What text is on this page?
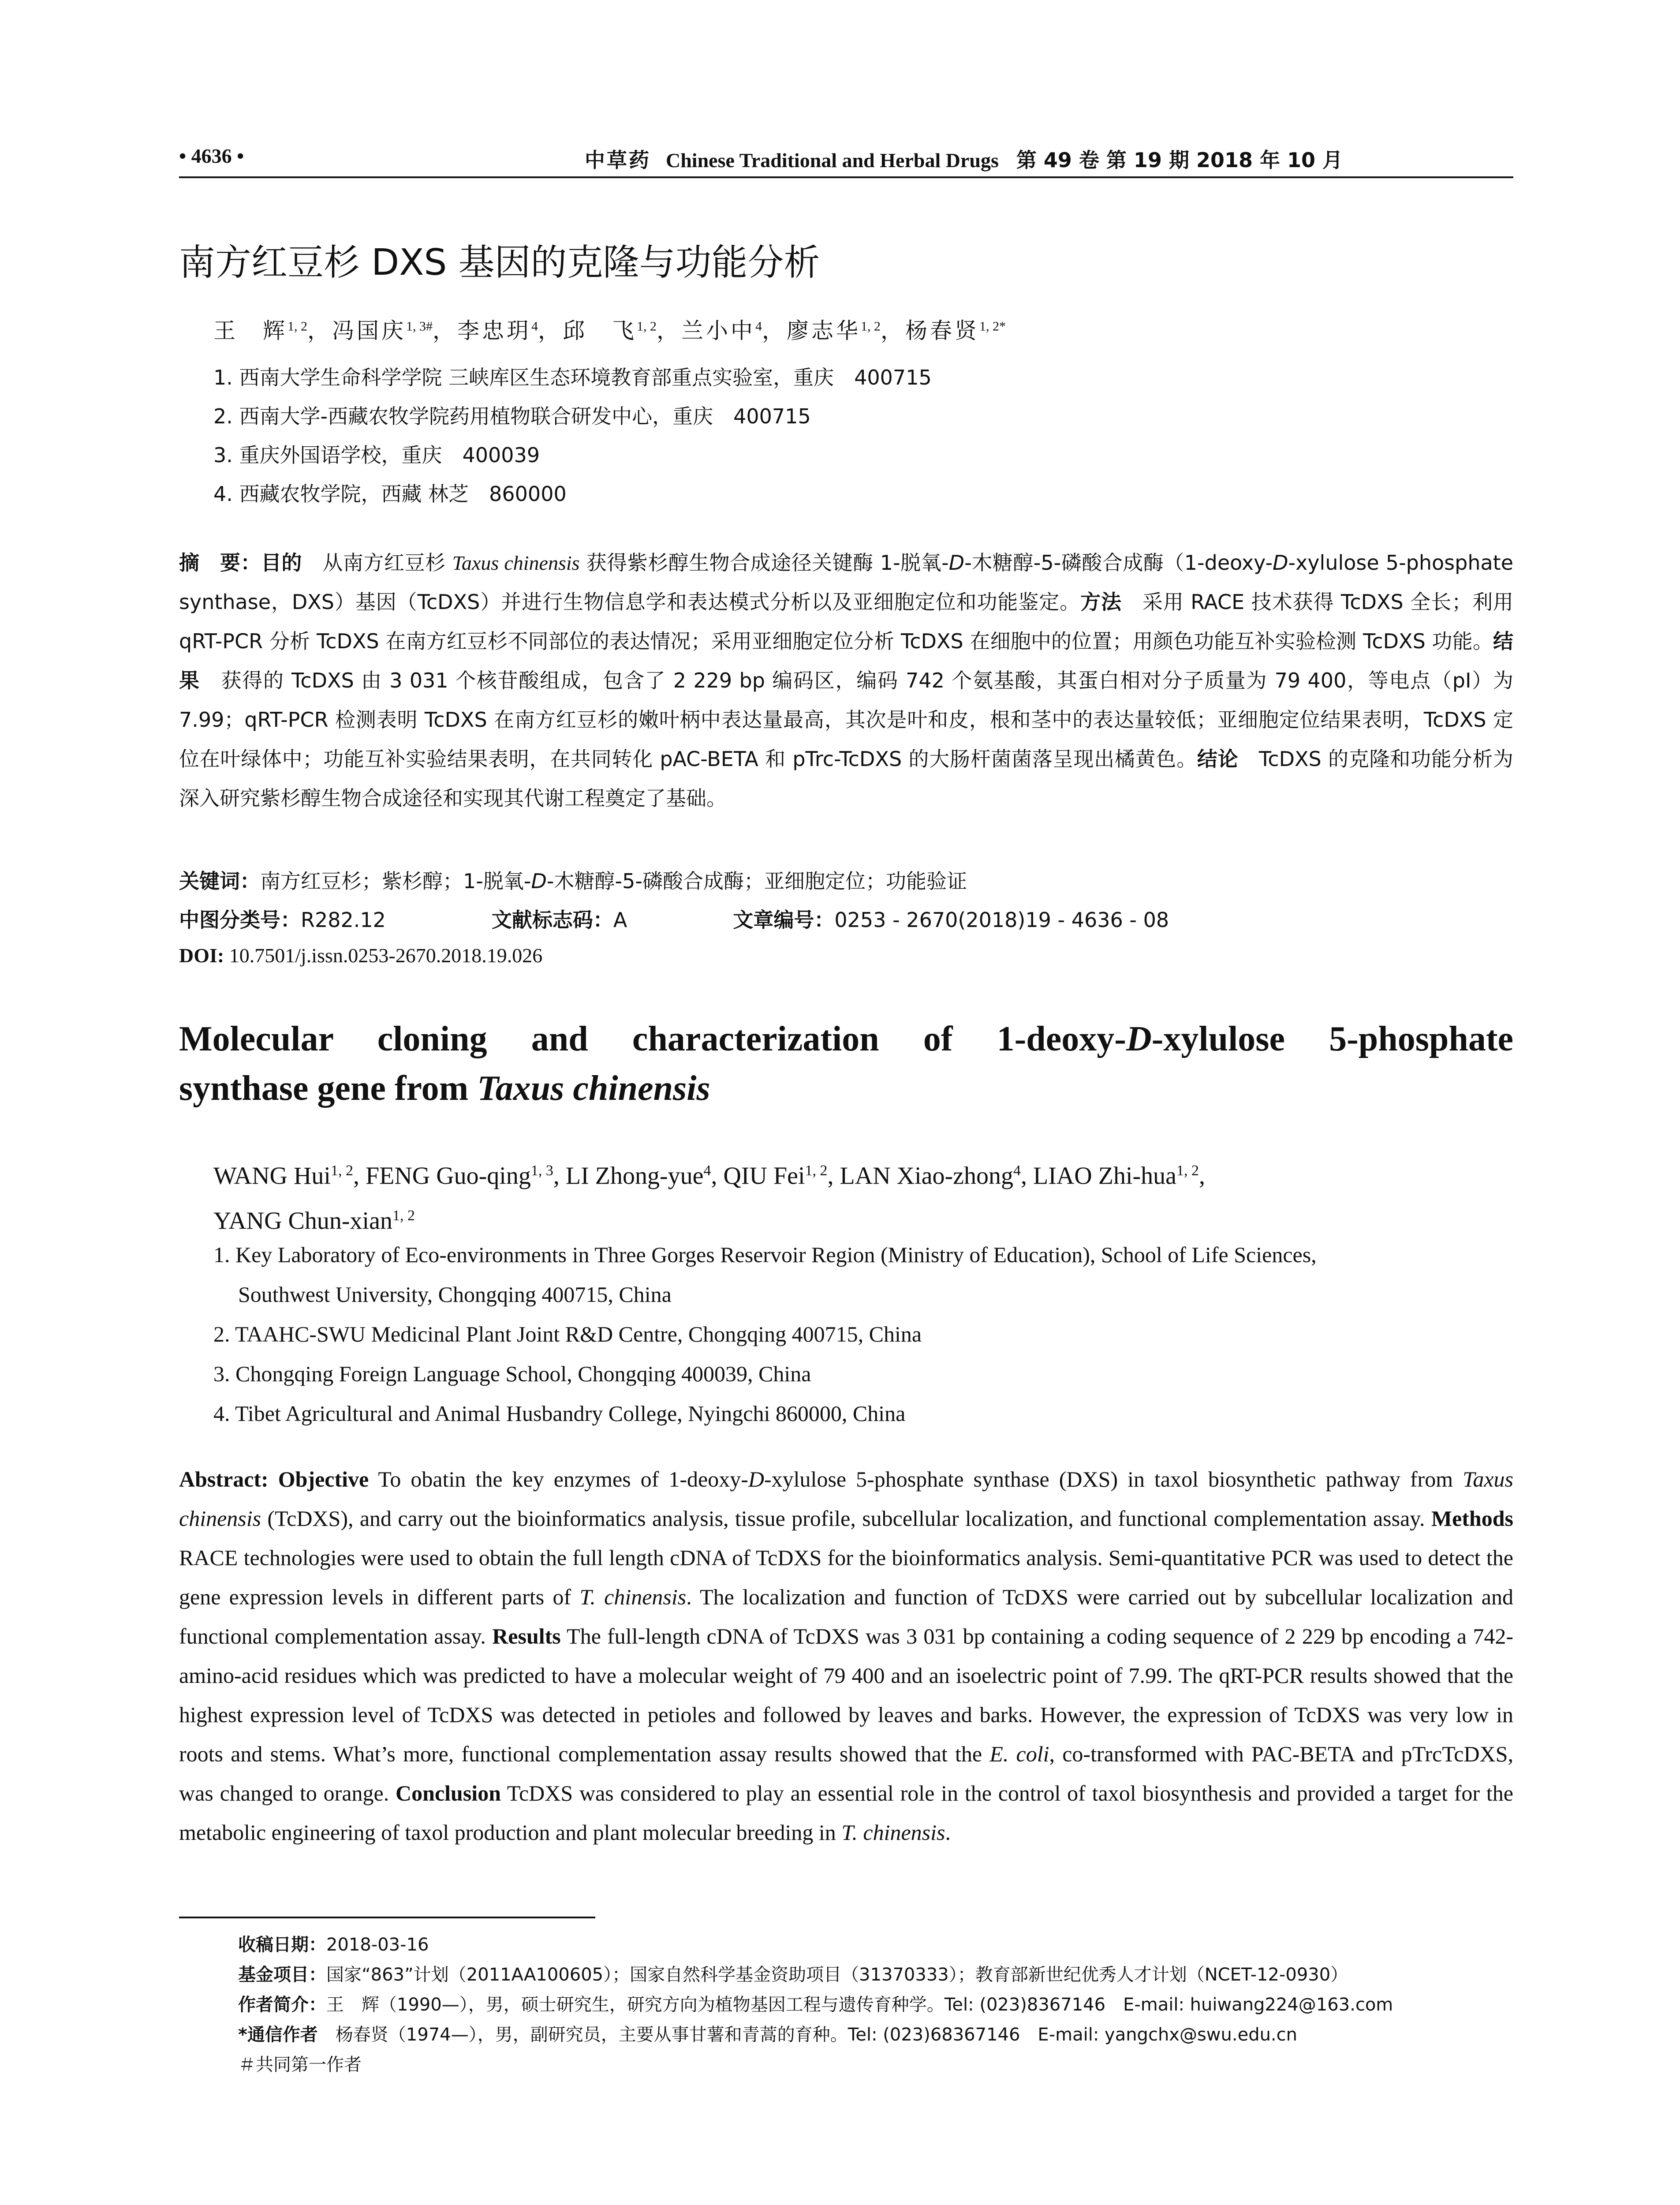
• 4636 •	中草药 Chinese Traditional and Herbal Drugs 第 49 卷 第 19 期 2018 年 10 月
南方红豆杉 DXS 基因的克隆与功能分析
王　辉$^{1, 2}$，冯国庆$^{1, 3\#}$，李忠玥$^4$，邱　飞$^{1, 2}$，兰小中$^4$，廖志华$^{1, 2}$，杨春贤$^{1, 2*}$
1. 西南大学生命科学学院 三峡库区生态环境教育部重点实验室，重庆　400715
2. 西南大学-西藏农牧学院药用植物联合研发中心，重庆　400715
3. 重庆外国语学校，重庆　400039
4. 西藏农牧学院，西藏 林芝　860000
摘　要：目的　从南方红豆杉 Taxus chinensis 获得紫杉醇生物合成途径关键酶 1-脱氧-D-木糖醇-5-磷酸合成酶（1-deoxy-D-xylulose 5-phosphate synthase，DXS）基因（TcDXS）并进行生物信息学和表达模式分析以及亚细胞定位和功能鉴定。方法　采用 RACE 技术获得 TcDXS 全长；利用 qRT-PCR 分析 TcDXS 在南方红豆杉不同部位的表达情况；采用亚细胞定位分析 TcDXS 在细胞中的位置；用颜色功能互补实验检测 TcDXS 功能。结果　获得的 TcDXS 由 3 031 个核苷酸组成，包含了 2 229 bp 编码区，编码 742 个氨基酸，其蛋白相对分子质量为 79 400，等电点（pI）为 7.99；qRT-PCR 检测表明 TcDXS 在南方红豆杉的嫩叶柄中表达量最高，其次是叶和皮，根和茎中的表达量较低；亚细胞定位结果表明，TcDXS 定位在叶绿体中；功能互补实验结果表明，在共同转化 pAC-BETA 和 pTrc-TcDXS 的大肠杆菌菌落呈现出橘黄色。结论　TcDXS 的克隆和功能分析为深入研究紫杉醇生物合成途径和实现其代谢工程奠定了基础。
关键词：南方红豆杉；紫杉醇；1-脱氧-D-木糖醇-5-磷酸合成酶；亚细胞定位；功能验证
中图分类号：R282.12	文献标志码：A	文章编号：0253 - 2670(2018)19 - 4636 - 08
DOI: 10.7501/j.issn.0253-2670.2018.19.026
Molecular cloning and characterization of 1-deoxy-D-xylulose 5-phosphate
synthase gene from Taxus chinensis
WANG Hui$^{1, 2}$, FENG Guo-qing$^{1, 3}$, LI Zhong-yue$^4$, QIU Fei$^{1, 2}$, LAN Xiao-zhong$^4$, LIAO Zhi-hua$^{1, 2}$,
YANG Chun-xian$^{1, 2}$
1. Key Laboratory of Eco-environments in Three Gorges Reservoir Region (Ministry of Education), School of Life Sciences,
Southwest University, Chongqing 400715, China
2. TAAHC-SWU Medicinal Plant Joint R&D Centre, Chongqing 400715, China
3. Chongqing Foreign Language School, Chongqing 400039, China
4. Tibet Agricultural and Animal Husbandry College, Nyingchi 860000, China
Abstract: Objective To obatin the key enzymes of 1-deoxy-D-xylulose 5-phosphate synthase (DXS) in taxol biosynthetic pathway from Taxus chinensis (TcDXS), and carry out the bioinformatics analysis, tissue profile, subcellular localization, and functional complementation assay. Methods RACE technologies were used to obtain the full length cDNA of TcDXS for the bioinformatics analysis. Semi-quantitative PCR was used to detect the gene expression levels in different parts of T. chinensis. The localization and function of TcDXS were carried out by subcellular localization and functional complementation assay. Results The full-length cDNA of TcDXS was 3 031 bp containing a coding sequence of 2 229 bp encoding a 742-amino-acid residues which was predicted to have a molecular weight of 79 400 and an isoelectric point of 7.99. The qRT-PCR results showed that the highest expression level of TcDXS was detected in petioles and followed by leaves and barks. However, the expression of TcDXS was very low in roots and stems. What’s more, functional complementation assay results showed that the E. coli, co-transformed with PAC-BETA and pTrcTcDXS, was changed to orange. Conclusion TcDXS was considered to play an essential role in the control of taxol biosynthesis and provided a target for the metabolic engineering of taxol production and plant molecular breeding in T. chinensis.
收稿日期：2018-03-16
基金项目：国家“863”计划（2011AA100605）；国家自然科学基金资助项目（31370333）；教育部新世纪优秀人才计划（NCET-12-0930）
作者简介：王　辉（1990—），男，硕士研究生，研究方向为植物基因工程与遗传育种学。Tel: (023)8367146　E-mail: huiwang224@163.com
*通信作者　杨春贤（1974—），男，副研究员，主要从事甘薯和青蒿的育种。Tel: (023)68367146　E-mail: yangchx@swu.edu.cn
＃共同第一作者
